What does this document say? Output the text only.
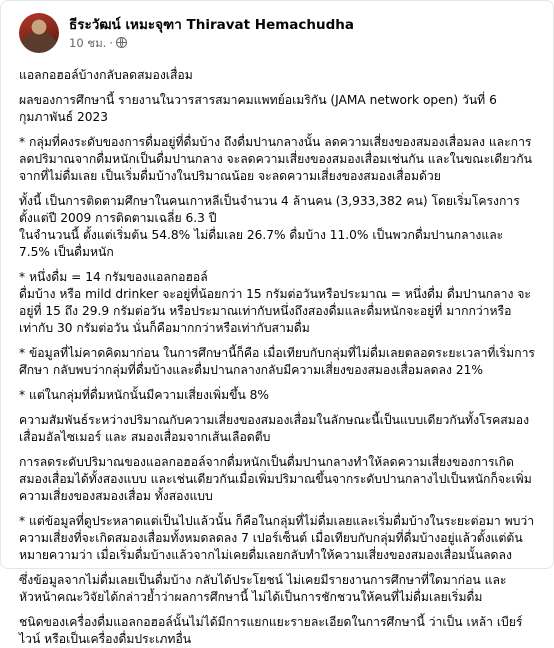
ธีระวัฒน์ เหมะจุฑา Thiravat Hemachudha
10 ชม. ·

แอลกอฮอล์บ้างกลับลดสมองเสื่อม

ผลของการศึกษานี้ รายงานในวารสารสมาคมแพทย์อเมริกัน (JAMA network open) วันที่ 6 กุมภาพันธ์ 2023

* กลุ่มที่คงระดับของการดื่มอยู่ที่ดื่มบ้าง ถึงดื่มปานกลางนั้น ลดความเสี่ยงของสมองเสื่อมลง และการลดปริมาณจากดื่มหนักเป็นดื่มปานกลาง จะลดความเสี่ยงของสมองเสื่อมเช่นกัน และในขณะเดียวกันจากที่ไม่ดื่มเลย เป็นเริ่มดื่มบ้างในปริมาณน้อย จะลดความเสี่ยงของสมองเสื่อมด้วย

ทั้งนี้ เป็นการติดตามศึกษาในคนเกาหลีเป็นจำนวน 4 ล้านคน (3,933,382 คน) โดยเริ่มโครงการตั้งแต่ปี 2009 การติดตามเฉลี่ย 6.3 ปี

ในจำนวนนี้ ตั้งแต่เริ่มต้น 54.8% ไม่ดื่มเลย 26.7% ดื่มบ้าง 11.0% เป็นพวกดื่มปานกลางและ 7.5% เป็นดื่มหนัก

* หนึ่งดื่ม = 14 กรัมของแอลกอฮอล์

ดื่มบ้าง หรือ mild drinker จะอยู่ที่น้อยกว่า 15 กรัมต่อวันหรือประมาณ = หนึ่งดื่ม ดื่มปานกลาง จะอยู่ที่ 15 ถึง 29.9 กรัมต่อวัน หรือประมาณเท่ากับหนึ่งถึงสองดื่มและดื่มหนักจะอยู่ที่ มากกว่าหรือเท่ากับ 30 กรัมต่อวัน นั่นก็คือมากกว่าหรือเท่ากับสามดื่ม

* ข้อมูลที่ไม่คาดคิดมาก่อน ในการศึกษานี้ก็คือ เมื่อเทียบกับกลุ่มที่ไม่ดื่มเลยตลอดระยะเวลาที่เริ่มการศึกษา กลับพบว่ากลุ่มที่ดื่มบ้างและดื่มปานกลางกลับมีความเสี่ยงของสมองเสื่อมลดลง 21%

* แต่ในกลุ่มที่ดื่มหนักนั้นมีความเสี่ยงเพิ่มขึ้น 8%

ความสัมพันธ์ระหว่างปริมาณกับความเสี่ยงของสมองเสื่อมในลักษณะนี้เป็นแบบเดียวกันทั้งโรคสมองเสื่อมอัลไซเมอร์ และ สมองเสื่อมจากเส้นเลือดตีบ

การลดระดับปริมาณของแอลกอฮอล์จากดื่มหนักเป็นดื่มปานกลางทำให้ลดความเสี่ยงของการเกิดสมองเสื่อมได้ทั้งสองแบบ และเช่นเดียวกันเมื่อเพิ่มปริมาณขึ้นจากระดับปานกลางไปเป็นหนักก็จะเพิ่มความเสี่ยงของสมองเสื่อม ทั้งสองแบบ

* แต่ข้อมูลที่ดูประหลาดแต่เป็นไปแล้วนั้น ก็คือในกลุ่มที่ไม่ดื่มเลยและเริ่มดื่มบ้างในระยะต่อมา พบว่าความเสี่ยงที่จะเกิดสมองเสื่อมทั้งหมดลดลง 7 เปอร์เซ็นต์ เมื่อเทียบกับกลุ่มที่ดื่มบ้างอยู่แล้วตั้งแต่ต้น หมายความว่า เมื่อเริ่มดื่มบ้างแล้วจากไม่เคยดื่มเลยกลับทำให้ความเสี่ยงของสมองเสื่อมนั้นลดลง

ซึ่งข้อมูลจากไม่ดื่มเลยเป็นดื่มบ้าง กลับได้ประโยชน์ ไม่เคยมีรายงานการศึกษาที่ใดมาก่อน และหัวหน้าคณะวิจัยได้กล่าวย้ำว่าผลการศึกษานี้ ไม่ได้เป็นการชักชวนให้คนที่ไม่ดื่มเลยเริ่มดื่ม

ชนิดของเครื่องดื่มแอลกอฮอล์นั้นไม่ได้มีการแยกแยะรายละเอียดในการศึกษานี้ ว่าเป็น เหล้า เบียร์ ไวน์ หรือเป็นเครื่องดื่มประเภทอื่น
